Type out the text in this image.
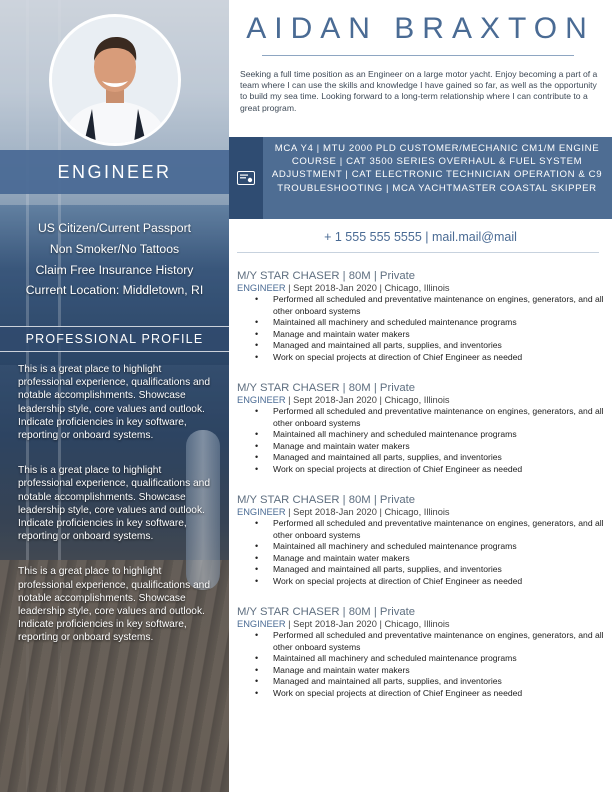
ENGINEER
US Citizen/Current Passport
Non Smoker/No Tattoos
Claim Free Insurance History
Current Location: Middletown, RI
PROFESSIONAL PROFILE

This is a great place to highlight professional experience, qualifications and notable accomplishments. Showcase leadership style, core values and outlook. Indicate proficiencies in key software, reporting or onboard systems.

This is a great place to highlight professional experience, qualifications and notable accomplishments. Showcase leadership style, core values and outlook. Indicate proficiencies in key software, reporting or onboard systems.

This is a great place to highlight professional experience, qualifications and notable accomplishments. Showcase leadership style, core values and outlook. Indicate proficiencies in key software, reporting or onboard systems.

AIDAN BRAXTON
Seeking a full time position as an Engineer on a large motor yacht. Enjoy becoming a part of a team where I can use the skills and knowledge I have gained so far, as well as the opportunity to build my sea time. Looking forward to a long-term relationship where I can contribute to a great program.
MCA Y4 | MTU 2000 PLD CUSTOMER/MECHANIC CM1/M ENGINE COURSE | CAT 3500 SERIES OVERHAUL & FUEL SYSTEM ADJUSTMENT | CAT ELECTRONIC TECHNICIAN OPERATION & C9 TROUBLESHOOTING | MCA YACHTMASTER COASTAL SKIPPER
+ 1 555 555 5555 | mail.mail@mail
M/Y STAR CHASER | 80M | Private
ENGINEER | Sept 2018-Jan 2020 | Chicago, Illinois
• Performed all scheduled and preventative maintenance on engines, generators, and all other onboard systems
• Maintained all machinery and scheduled maintenance programs
• Manage and maintain water makers
• Managed and maintained all parts, supplies, and inventories
• Work on special projects at direction of Chief Engineer as needed
M/Y STAR CHASER | 80M | Private
ENGINEER | Sept 2018-Jan 2020 | Chicago, Illinois
• Performed all scheduled and preventative maintenance on engines, generators, and all other onboard systems
• Maintained all machinery and scheduled maintenance programs
• Manage and maintain water makers
• Managed and maintained all parts, supplies, and inventories
• Work on special projects at direction of Chief Engineer as needed
M/Y STAR CHASER | 80M | Private
ENGINEER | Sept 2018-Jan 2020 | Chicago, Illinois
• Performed all scheduled and preventative maintenance on engines, generators, and all other onboard systems
• Maintained all machinery and scheduled maintenance programs
• Manage and maintain water makers
• Managed and maintained all parts, supplies, and inventories
• Work on special projects at direction of Chief Engineer as needed
M/Y STAR CHASER | 80M | Private
ENGINEER | Sept 2018-Jan 2020 | Chicago, Illinois
• Performed all scheduled and preventative maintenance on engines, generators, and all other onboard systems
• Maintained all machinery and scheduled maintenance programs
• Manage and maintain water makers
• Managed and maintained all parts, supplies, and inventories
• Work on special projects at direction of Chief Engineer as needed
